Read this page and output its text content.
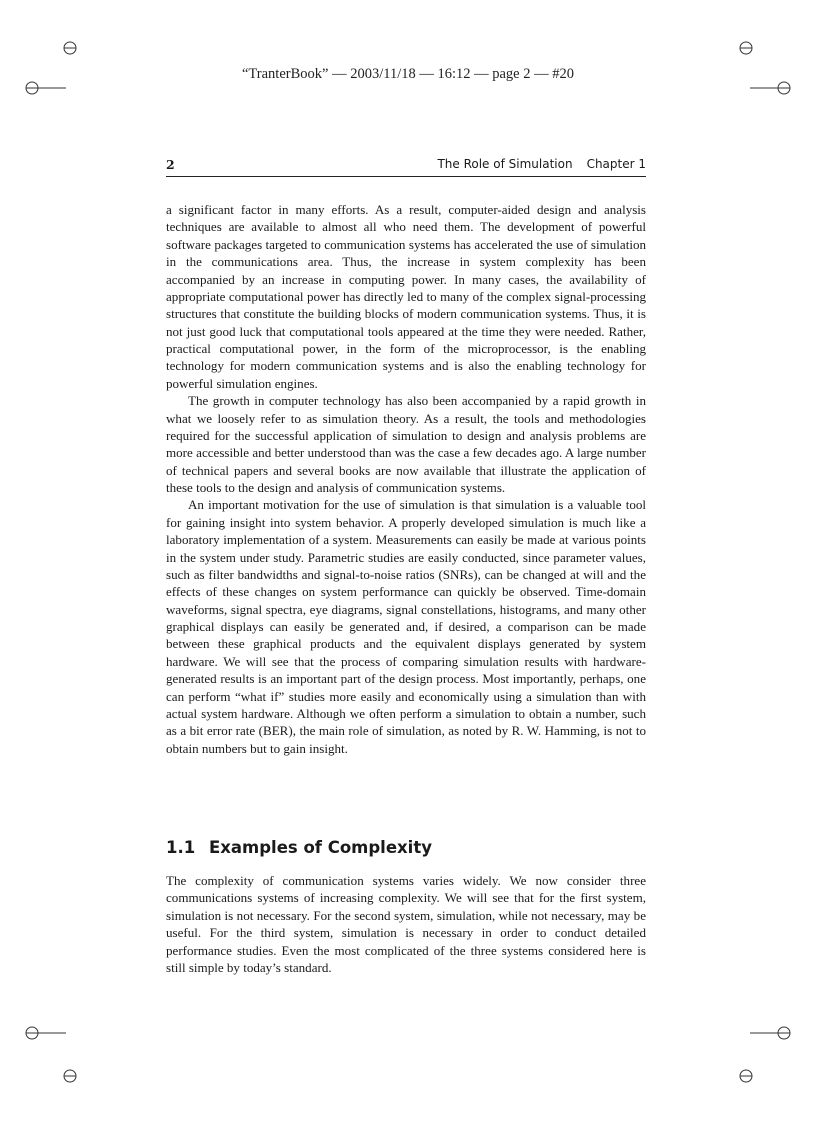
“TranterBook” — 2003/11/18 — 16:12 — page 2 — #20
2	The Role of Simulation Chapter 1

a significant factor in many efforts. As a result, computer-aided design and analysis techniques are available to almost all who need them. The development of powerful software packages targeted to communication systems has accelerated the use of simulation in the communications area. Thus, the increase in system complexity has been accompanied by an increase in computing power. In many cases, the availability of appropriate computational power has directly led to many of the complex signal-processing structures that constitute the building blocks of modern communication systems. Thus, it is not just good luck that computational tools appeared at the time they were needed. Rather, practical computational power, in the form of the microprocessor, is the enabling technology for modern communication systems and is also the enabling technology for powerful simulation engines.

The growth in computer technology has also been accompanied by a rapid growth in what we loosely refer to as simulation theory. As a result, the tools and methodologies required for the successful application of simulation to design and analysis problems are more accessible and better understood than was the case a few decades ago. A large number of technical papers and several books are now available that illustrate the application of these tools to the design and analysis of communication systems.

An important motivation for the use of simulation is that simulation is a valuable tool for gaining insight into system behavior. A properly developed simulation is much like a laboratory implementation of a system. Measurements can easily be made at various points in the system under study. Parametric studies are easily conducted, since parameter values, such as filter bandwidths and signal-to-noise ratios (SNRs), can be changed at will and the effects of these changes on system performance can quickly be observed. Time-domain waveforms, signal spectra, eye diagrams, signal constellations, histograms, and many other graphical displays can easily be generated and, if desired, a comparison can be made between these graphical products and the equivalent displays generated by system hardware. We will see that the process of comparing simulation results with hardware-generated results is an important part of the design process. Most importantly, perhaps, one can perform “what if” studies more easily and economically using a simulation than with actual system hardware. Although we often perform a simulation to obtain a number, such as a bit error rate (BER), the main role of simulation, as noted by R. W. Hamming, is not to obtain numbers but to gain insight.

1.1 Examples of Complexity

The complexity of communication systems varies widely. We now consider three communications systems of increasing complexity. We will see that for the first system, simulation is not necessary. For the second system, simulation, while not necessary, may be useful. For the third system, simulation is necessary in order to conduct detailed performance studies. Even the most complicated of the three systems considered here is still simple by today’s standard.
